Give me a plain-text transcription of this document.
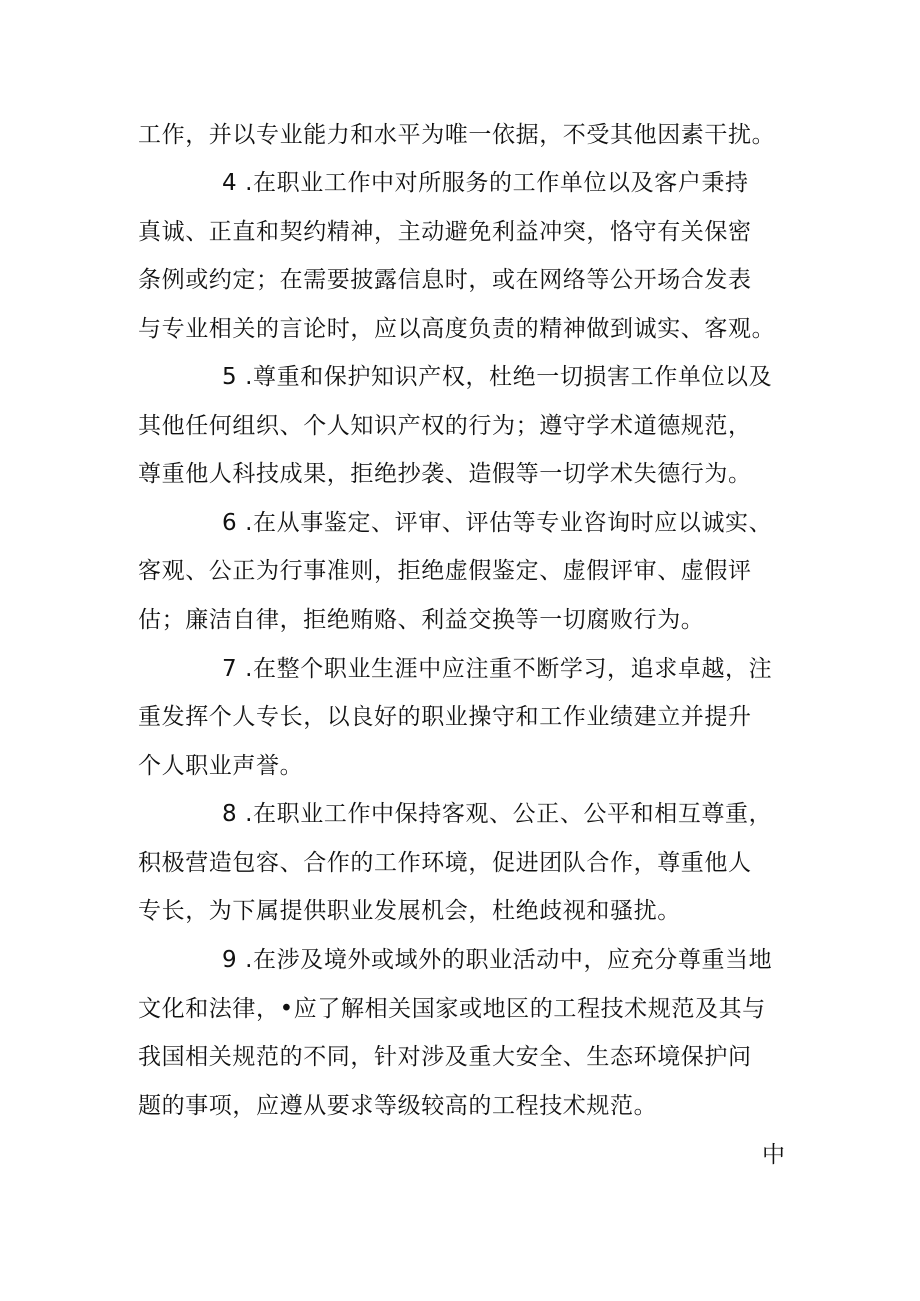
工作，并以专业能力和水平为唯一依据，不受其他因素干扰。
4 .在职业工作中对所服务的工作单位以及客户秉持
真诚、正直和契约精神，主动避免利益冲突，恪守有关保密
条例或约定；在需要披露信息时，或在网络等公开场合发表
与专业相关的言论时，应以高度负责的精神做到诚实、客观。
5 .尊重和保护知识产权，杜绝一切损害工作单位以及
其他任何组织、个人知识产权的行为；遵守学术道德规范，
尊重他人科技成果，拒绝抄袭、造假等一切学术失德行为。
6 .在从事鉴定、评审、评估等专业咨询时应以诚实、
客观、公正为行事准则，拒绝虚假鉴定、虚假评审、虚假评
估；廉洁自律，拒绝贿赂、利益交换等一切腐败行为。
7 .在整个职业生涯中应注重不断学习，追求卓越，注
重发挥个人专长，以良好的职业操守和工作业绩建立并提升
个人职业声誉。
8 .在职业工作中保持客观、公正、公平和相互尊重，
积极营造包容、合作的工作环境，促进团队合作，尊重他人
专长，为下属提供职业发展机会，杜绝歧视和骚扰。
9 .在涉及境外或域外的职业活动中，应充分尊重当地
文化和法律，•应了解相关国家或地区的工程技术规范及其与
我国相关规范的不同，针对涉及重大安全、生态环境保护问
题的事项，应遵从要求等级较高的工程技术规范。
中
